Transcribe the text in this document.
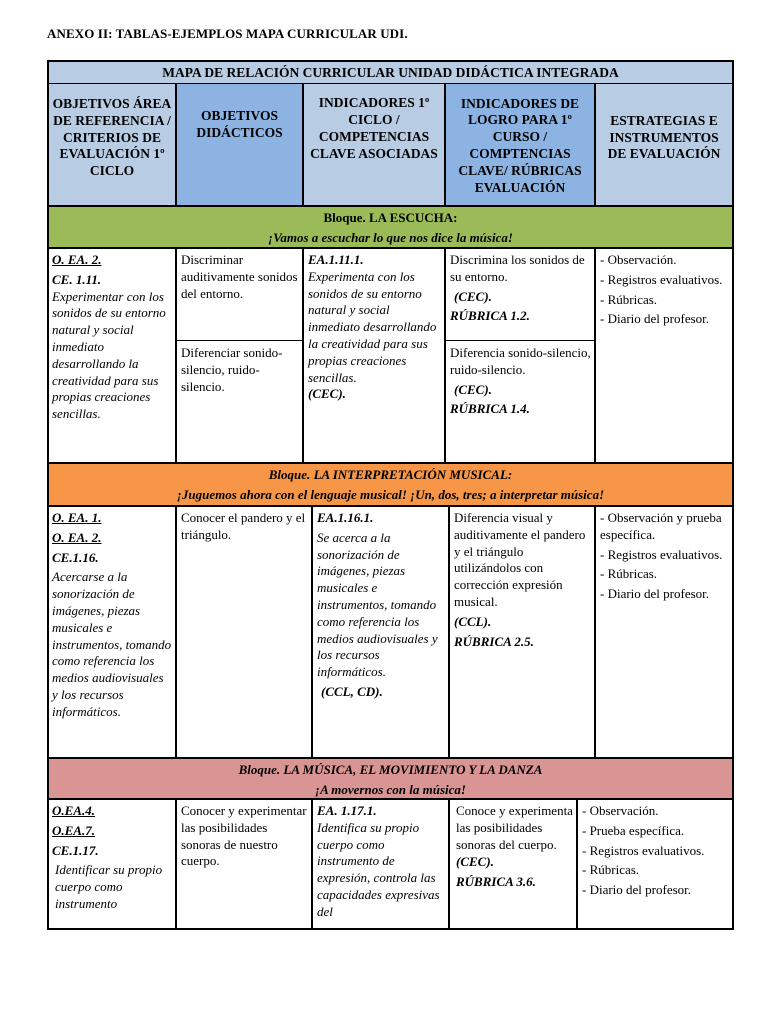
ANEXO II: TABLAS-EJEMPLOS MAPA CURRICULAR UDI.
MAPA DE RELACIÓN CURRICULAR UNIDAD DIDÁCTICA INTEGRADA
OBJETIVOS ÁREA DE REFERENCIA / CRITERIOS DE EVALUACIÓN 1º CICLO
OBJETIVOS DIDÁCTICOS
INDICADORES 1º CICLO / COMPETENCIAS CLAVE ASOCIADAS
INDICADORES DE LOGRO PARA 1º CURSO / COMPTENCIAS CLAVE/ RÚBRICAS EVALUACIÓN
ESTRATEGIAS E INSTRUMENTOS DE EVALUACIÓN
Bloque. LA ESCUCHA:
¡Vamos a escuchar lo que nos dice la música!
O. EA. 2.
CE. 1.11.
Experimentar con los sonidos de su entorno natural y social inmediato desarrollando la creatividad para sus propias creaciones sencillas.
Discriminar auditivamente sonidos del entorno.
Diferenciar sonido-silencio, ruido-silencio.
EA.1.11.1.
Experimenta con los sonidos de su entorno natural y social inmediato desarrollando la creatividad para sus propias creaciones sencillas.
(CEC).
Discrimina los sonidos de su entorno.
(CEC).
RÚBRICA 1.2.
Diferencia sonido-silencio, ruido-silencio.
(CEC).
RÚBRICA 1.4.
- Observación.
- Registros evaluativos.
- Rúbricas.
- Diario del profesor.
Bloque. LA INTERPRETACIÓN MUSICAL:
¡Juguemos ahora con el lenguaje musical! ¡Un, dos, tres; a interpretar música!
O. EA. 1.
O. EA. 2.
CE.1.16.
Acercarse a la sonorización de imágenes, piezas musicales e instrumentos, tomando como referencia los medios audiovisuales y los recursos informáticos.
Conocer el pandero y el triángulo.
EA.1.16.1.
Se acerca a la sonorización de imágenes, piezas musicales e instrumentos, tomando como referencia los medios audiovisuales y los recursos informáticos.
(CCL, CD).
Diferencia visual y auditivamente el pandero y el triángulo utilizándolos con corrección expresión musical.
(CCL).
RÚBRICA 2.5.
- Observación y prueba específica.
- Registros evaluativos.
- Rúbricas.
- Diario del profesor.
Bloque. LA MÚSICA, EL MOVIMIENTO Y LA DANZA
¡A movernos con la música!
O.EA.4.
O.EA.7.
CE.1.17.
Identificar su propio cuerpo como instrumento
Conocer y experimentar las posibilidades sonoras de nuestro cuerpo.
EA. 1.17.1.
Identifica su propio cuerpo como instrumento de expresión, controla las capacidades expresivas del
Conoce y experimenta las posibilidades sonoras del cuerpo.
(CEC).
RÚBRICA 3.6.
- Observación.
- Prueba específica.
- Registros evaluativos.
- Rúbricas.
- Diario del profesor.
